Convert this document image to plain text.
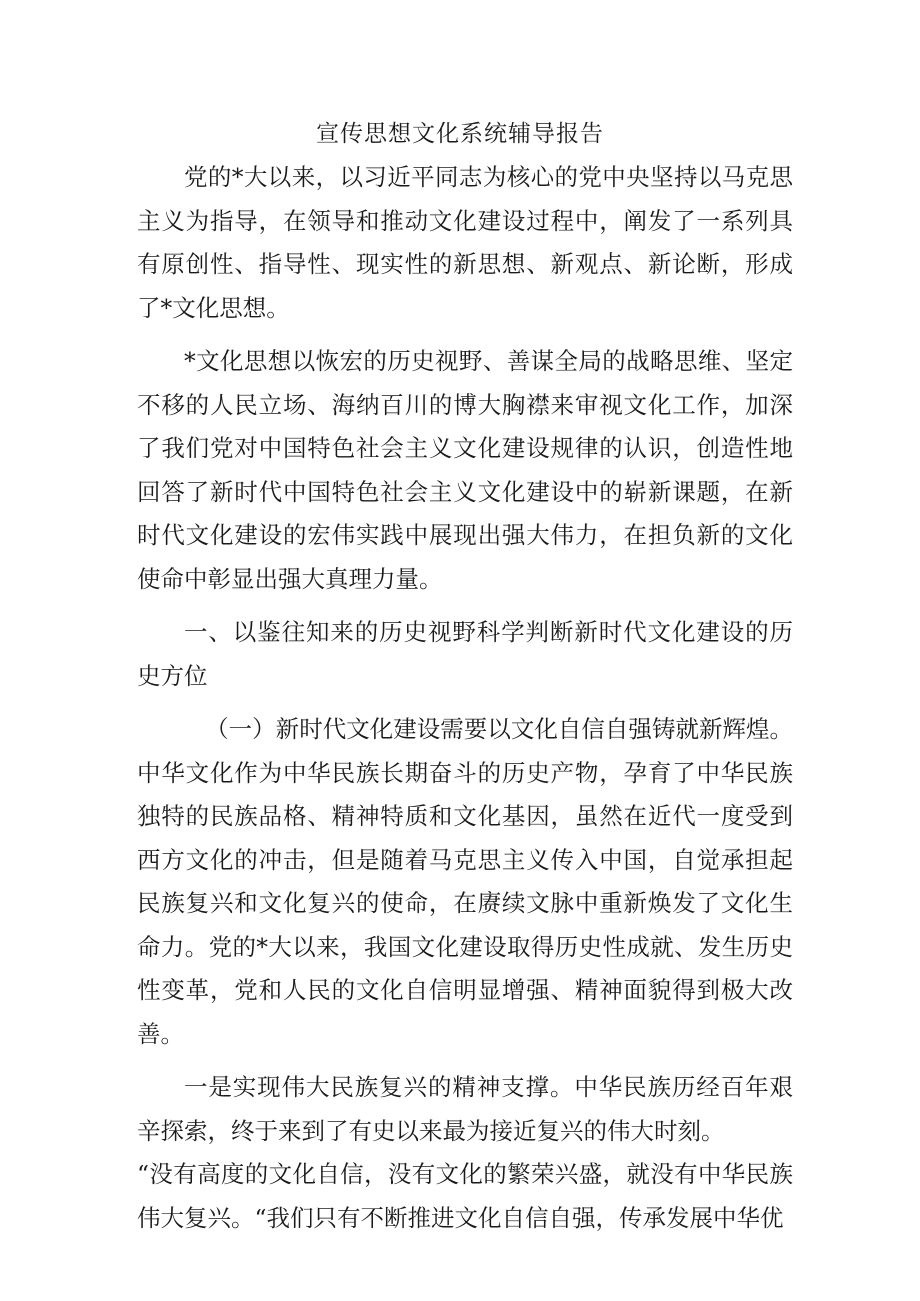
宣传思想文化系统辅导报告

党的*大以来，以习近平同志为核心的党中央坚持以马克思主义为指导，在领导和推动文化建设过程中，阐发了一系列具有原创性、指导性、现实性的新思想、新观点、新论断，形成了*文化思想。

*文化思想以恢宏的历史视野、善谋全局的战略思维、坚定不移的人民立场、海纳百川的博大胸襟来审视文化工作，加深了我们党对中国特色社会主义文化建设规律的认识，创造性地回答了新时代中国特色社会主义文化建设中的崭新课题，在新时代文化建设的宏伟实践中展现出强大伟力，在担负新的文化使命中彰显出强大真理力量。

一、以鉴往知来的历史视野科学判断新时代文化建设的历史方位

（一）新时代文化建设需要以文化自信自强铸就新辉煌。中华文化作为中华民族长期奋斗的历史产物，孕育了中华民族独特的民族品格、精神特质和文化基因，虽然在近代一度受到西方文化的冲击，但是随着马克思主义传入中国，自觉承担起民族复兴和文化复兴的使命，在赓续文脉中重新焕发了文化生命力。党的*大以来，我国文化建设取得历史性成就、发生历史性变革，党和人民的文化自信明显增强、精神面貌得到极大改善。

一是实现伟大民族复兴的精神支撑。中华民族历经百年艰辛探索，终于来到了有史以来最为接近复兴的伟大时刻。

“没有高度的文化自信，没有文化的繁荣兴盛，就没有中华民族伟大复兴。“我们只有不断推进文化自信自强，传承发展中华优
